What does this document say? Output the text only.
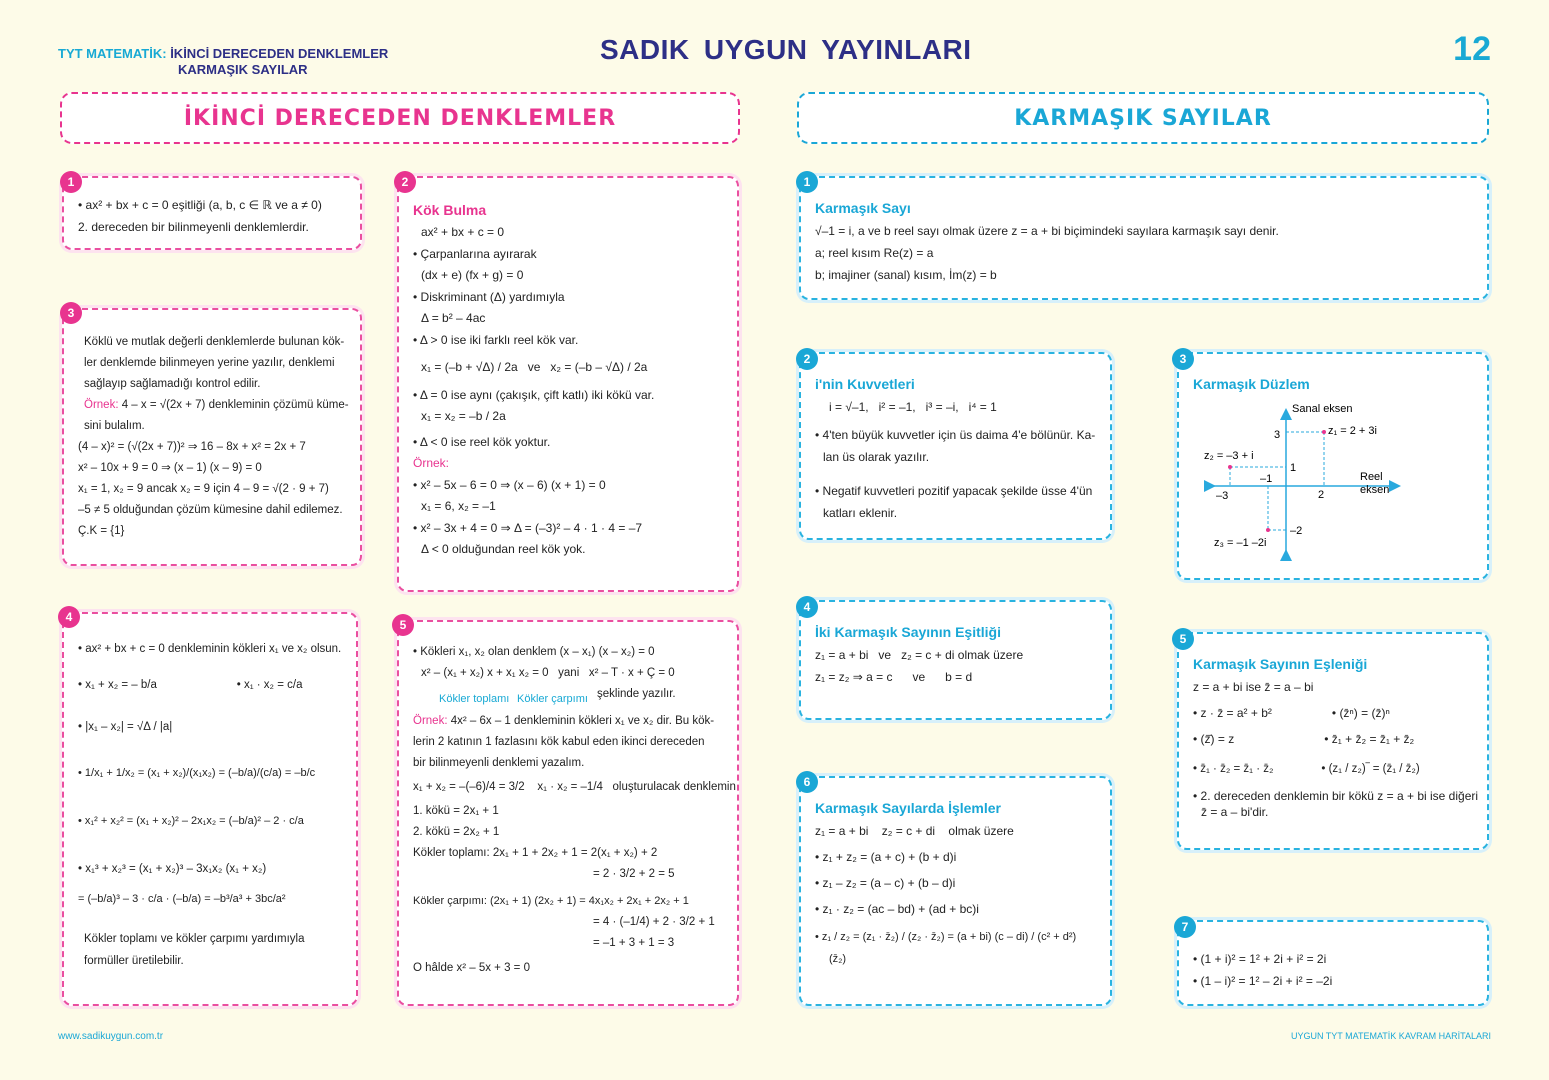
TYT MATEMATİK: İKİNCİ DERECEDEN DENKLEMLER
KARMAŞIK SAYILAR
SADIK UYGUN YAYINLARI	12
İKİNCİ DERECEDEN DENKLEMLER	KARMAŞIK SAYILAR
1
• ax² + bx + c = 0 eşitliği (a, b, c ∈ ℝ ve a ≠ 0)
2. dereceden bir bilinmeyenli denklemlerdir.
3
Köklü ve mutlak değerli denklemlerde bulunan kök-
ler denklemde bilinmeyen yerine yazılır, denklemi
sağlayıp sağlamadığı kontrol edilir.
Örnek: 4 – x = √(2x + 7) denkleminin çözümü küme-
sini bulalım.
(4 – x)² = (√(2x + 7))² ⇒ 16 – 8x + x² = 2x + 7
x² – 10x + 9 = 0 ⇒ (x – 1) (x – 9) = 0
x₁ = 1, x₂ = 9 ancak x₂ = 9 için 4 – 9 = √(2 · 9 + 7)
–5 ≠ 5 olduğundan çözüm kümesine dahil edilemez.
Ç.K = {1}
4
• ax² + bx + c = 0 denkleminin kökleri x₁ ve x₂ olsun.
• x₁ + x₂ = – b/a                         • x₁ · x₂ = c/a
• |x₁ – x₂| = √Δ / |a|
• 1/x₁ + 1/x₂ = (x₁ + x₂)/(x₁x₂) = (–b/a)/(c/a) = –b/c
• x₁² + x₂² = (x₁ + x₂)² – 2x₁x₂ = (–b/a)² – 2 · c/a
• x₁³ + x₂³ = (x₁ + x₂)³ – 3x₁x₂ (x₁ + x₂)
= (–b/a)³ – 3 · c/a · (–b/a) = –b³/a³ + 3bc/a²
Kökler toplamı ve kökler çarpımı yardımıyla
formüller üretilebilir.
2
Kök Bulma
ax² + bx + c = 0
• Çarpanlarına ayırarak
(dx + e) (fx + g) = 0
• Diskriminant (Δ) yardımıyla
Δ = b² – 4ac
• Δ > 0 ise iki farklı reel kök var.
x₁ = (–b + √Δ) / 2a   ve   x₂ = (–b – √Δ) / 2a
• Δ = 0 ise aynı (çakışık, çift katlı) iki kökü var.
x₁ = x₂ = –b / 2a
• Δ < 0 ise reel kök yoktur.
Örnek:
• x² – 5x – 6 = 0 ⇒ (x – 6) (x + 1) = 0
x₁ = 6, x₂ = –1
• x² – 3x + 4 = 0 ⇒ Δ = (–3)² – 4 · 1 · 4 = –7
Δ < 0 olduğundan reel kök yok.
5
• Kökleri x₁, x₂ olan denklem (x – x₁) (x – x₂) = 0
x² – (x₁ + x₂) x + x₁ x₂ = 0   yani   x² – T · x + Ç = 0
Kökler toplamı Kökler çarpımı şeklinde yazılır.
Örnek: 4x² – 6x – 1 denkleminin kökleri x₁ ve x₂ dir. Bu kök-
lerin 2 katının 1 fazlasını kök kabul eden ikinci dereceden
bir bilinmeyenli denklemi yazalım.
x₁ + x₂ = –(–6)/4 = 3/2    x₁ · x₂ = –1/4   oluşturulacak denklemin
1. kökü = 2x₁ + 1
2. kökü = 2x₂ + 1
Kökler toplamı: 2x₁ + 1 + 2x₂ + 1 = 2(x₁ + x₂) + 2
= 2 · 3/2 + 2 = 5
Kökler çarpımı: (2x₁ + 1) (2x₂ + 1) = 4x₁x₂ + 2x₁ + 2x₂ + 1
= 4 · (–1/4) + 2 · 3/2 + 1
= –1 + 3 + 1 = 3
O hâlde x² – 5x + 3 = 0
1
Karmaşık Sayı
√–1 = i, a ve b reel sayı olmak üzere z = a + bi biçimindeki sayılara karmaşık sayı denir.
a; reel kısım Re(z) = a
b; imajiner (sanal) kısım, İm(z) = b
2
i'nin Kuvvetleri
i = √–1,   i² = –1,   i³ = –i,   i⁴ = 1
• 4'ten büyük kuvvetler için üs daima 4'e bölünür. Ka-
lan üs olarak yazılır.
• Negatif kuvvetleri pozitif yapacak şekilde üsse 4'ün
katları eklenir.
3
Karmaşık Düzlem
Sanal eksen
Reel
eksen
z₁ = 2 + 3i
z₂ = –3 + i
z₃ = –1 –2i
3
1
–1
–3	2
–2
4
İki Karmaşık Sayının Eşitliği
z₁ = a + bi   ve   z₂ = c + di olmak üzere
z₁ = z₂ ⇒ a = c      ve      b = d
5
Karmaşık Sayının Eşleniği
z = a + bi ise z̄ = a – bi
• z · z̄ = a² + b²                  • (z̄ⁿ) = (z̄)ⁿ
• (z̄̄) = z                           • z̄₁ + z̄₂ = z̄₁ + z̄₂
• z̄₁ · z̄₂ = z̄₁ · z̄₂               • (z₁ / z₂)‾ = (z̄₁ / z̄₂)
• 2. dereceden denklemin bir kökü z = a + bi ise diğeri
z̄ = a – bi'dir.
6
Karmaşık Sayılarda İşlemler
z₁ = a + bi    z₂ = c + di    olmak üzere
• z₁ + z₂ = (a + c) + (b + d)i
• z₁ – z₂ = (a – c) + (b – d)i
• z₁ · z₂ = (ac – bd) + (ad + bc)i
• z₁ / z₂ = (z₁ · z̄₂) / (z₂ · z̄₂) = (a + bi) (c – di) / (c² + d²)
(z̄₂)
7
• (1 + i)² = 1² + 2i + i² = 2i
• (1 – i)² = 1² – 2i + i² = –2i
www.sadikuygun.com.tr	UYGUN TYT MATEMATİK KAVRAM HARİTALARI
